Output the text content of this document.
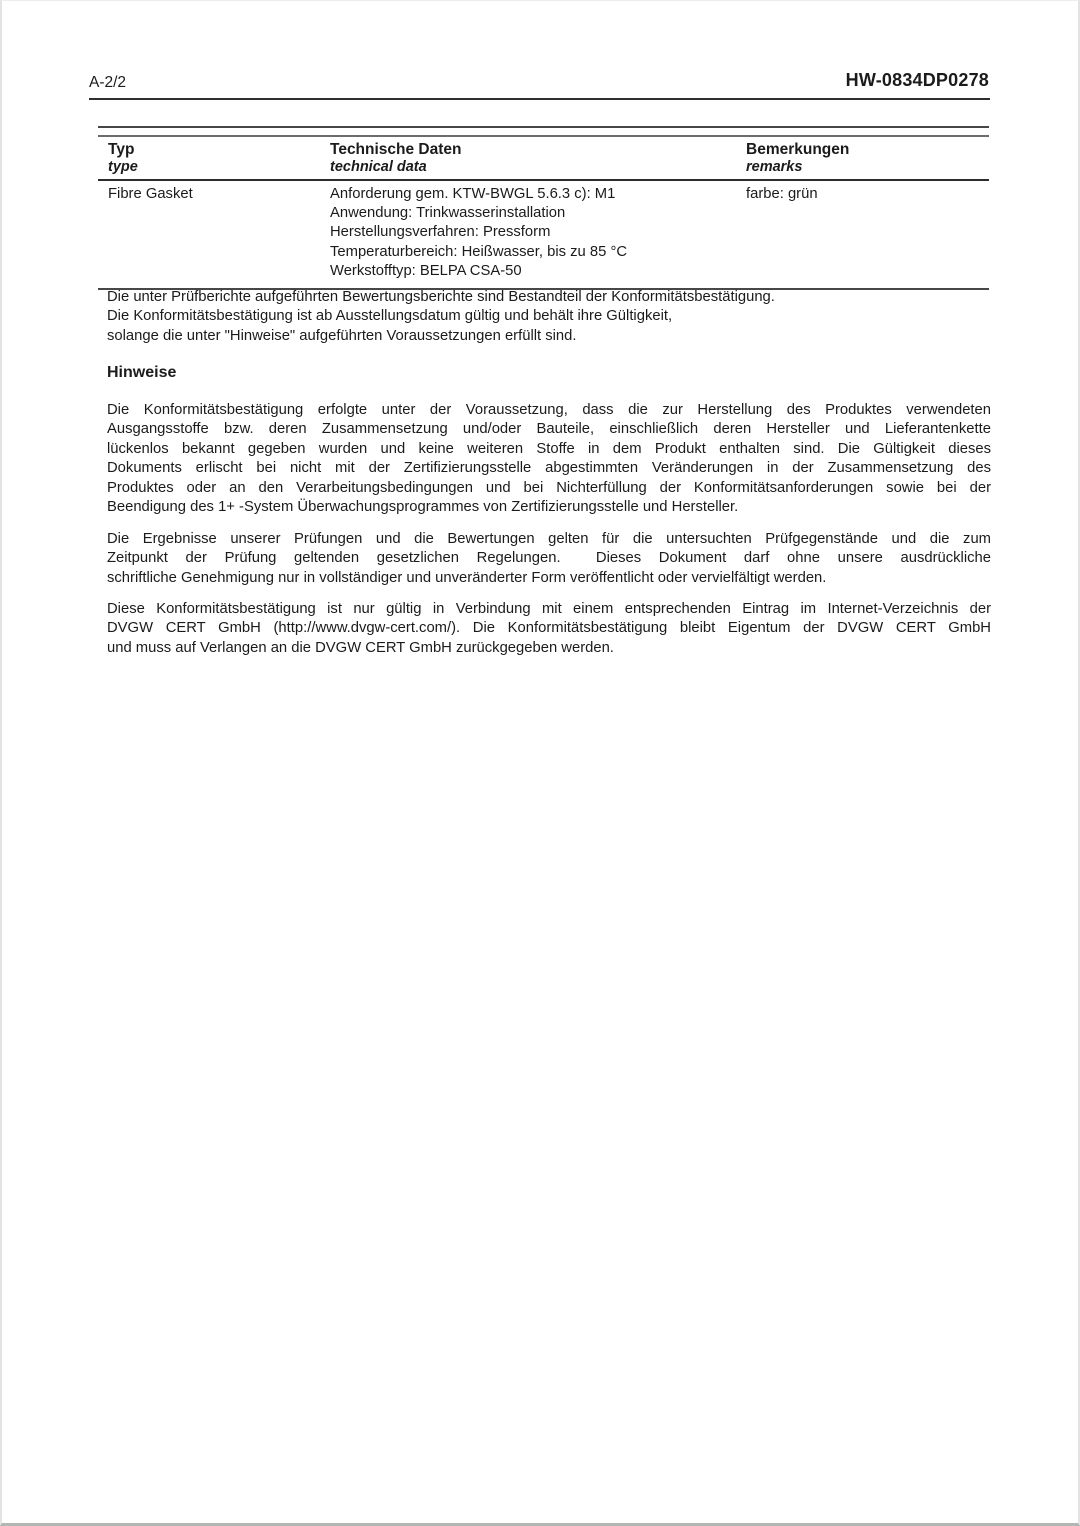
A-2/2	HW-0834DP0278
Typ
type
Technische Daten
technical data
Bemerkungen
remarks
Fibre Gasket	Anforderung gem. KTW-BWGL 5.6.3 c): M1
Anwendung: Trinkwasserinstallation
Herstellungsverfahren: Pressform
Temperaturbereich: Heißwasser, bis zu 85 °C
Werkstofftyp: BELPA CSA-50
farbe: grün
Die unter Prüfberichte aufgeführten Bewertungsberichte sind Bestandteil der Konformitätsbestätigung.
Die Konformitätsbestätigung ist ab Ausstellungsdatum gültig und behält ihre Gültigkeit,
solange die unter "Hinweise" aufgeführten Voraussetzungen erfüllt sind.
Hinweise
Die Konformitätsbestätigung erfolgte unter der Voraussetzung, dass die zur Herstellung des Produktes verwendeten
Ausgangsstoffe bzw. deren Zusammensetzung und/oder Bauteile, einschließlich deren Hersteller und Lieferantenkette
lückenlos bekannt gegeben wurden und keine weiteren Stoffe in dem Produkt enthalten sind. Die Gültigkeit dieses
Dokuments erlischt bei nicht mit der Zertifizierungsstelle abgestimmten Veränderungen in der Zusammensetzung des
Produktes oder an den Verarbeitungsbedingungen und bei Nichterfüllung der Konformitätsanforderungen sowie bei der
Beendigung des 1+ -System Überwachungsprogrammes von Zertifizierungsstelle und Hersteller.
Die Ergebnisse unserer Prüfungen und die Bewertungen gelten für die untersuchten Prüfgegenstände und die zum
Zeitpunkt der Prüfung geltenden gesetzlichen Regelungen.  Dieses Dokument darf ohne unsere ausdrückliche
schriftliche Genehmigung nur in vollständiger und unveränderter Form veröffentlicht oder vervielfältigt werden.
Diese Konformitätsbestätigung ist nur gültig in Verbindung mit einem entsprechenden Eintrag im Internet-Verzeichnis der
DVGW CERT GmbH (http://www.dvgw-cert.com/). Die Konformitätsbestätigung bleibt Eigentum der DVGW CERT GmbH
und muss auf Verlangen an die DVGW CERT GmbH zurückgegeben werden.
